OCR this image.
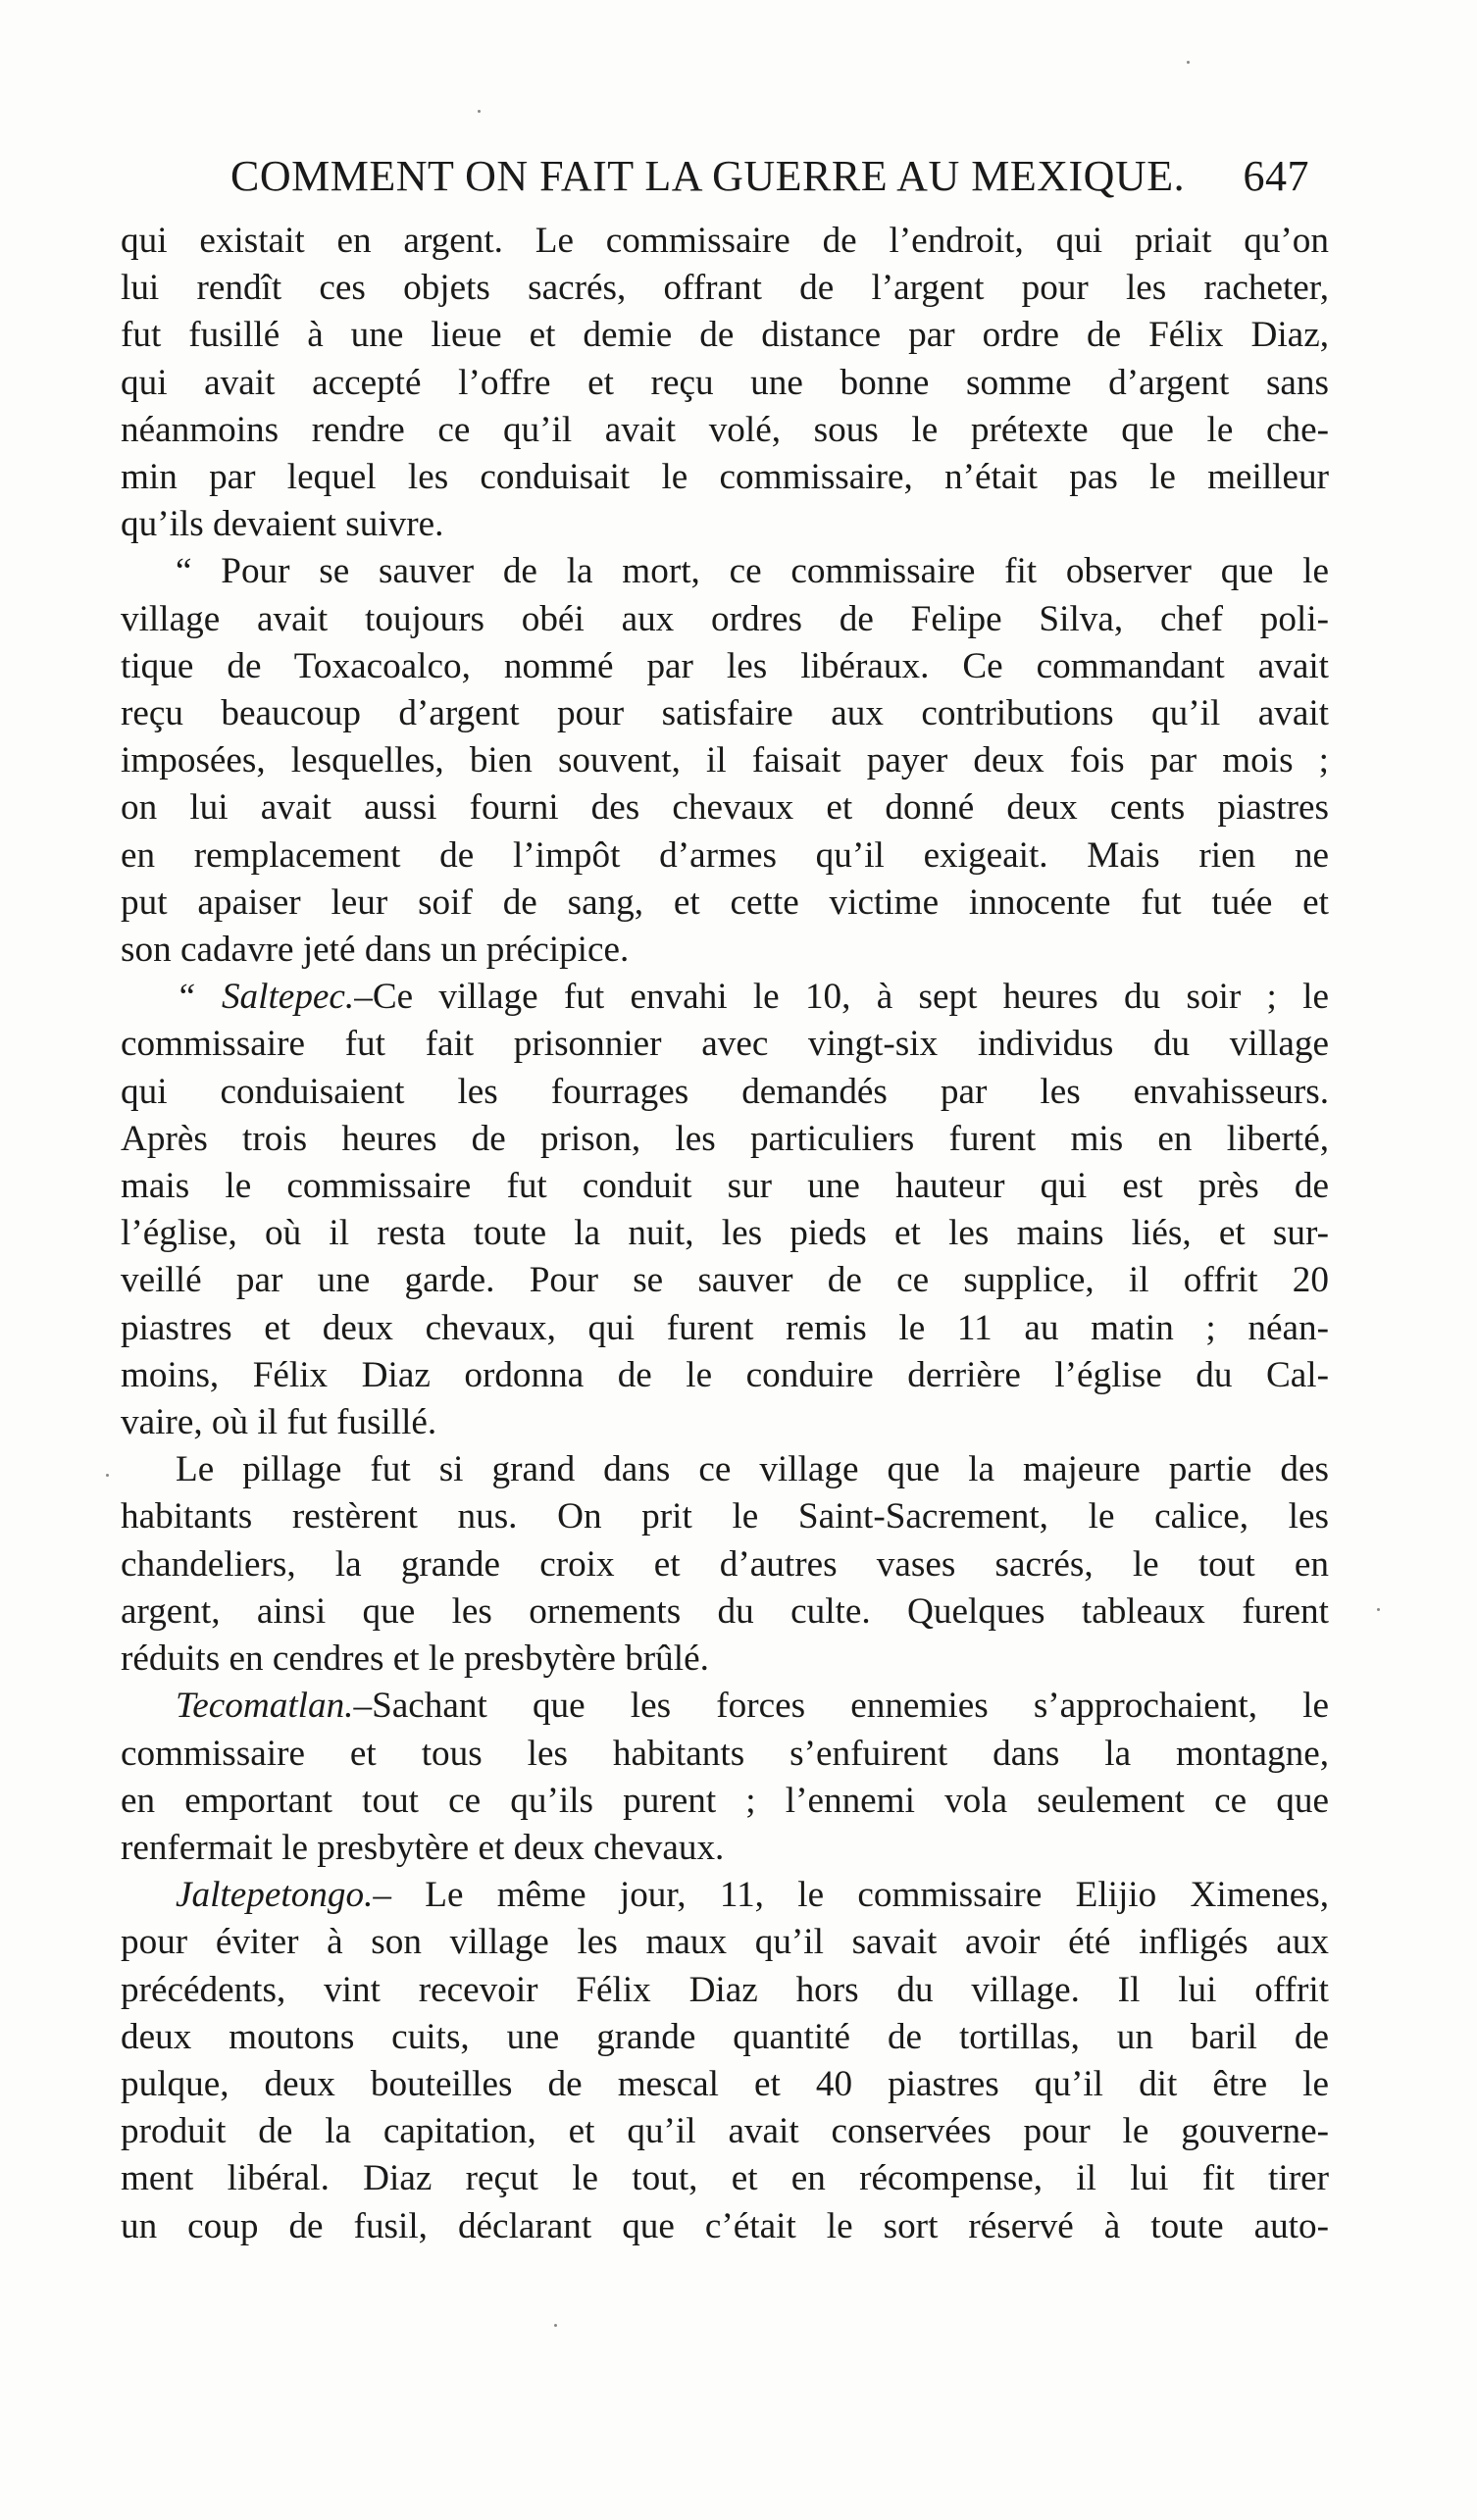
COMMENT ON FAIT LA GUERRE AU MEXIQUE. 647
qui existait en argent. Le commissaire de l’endroit, qui priait qu’on
lui rendît ces objets sacrés, offrant de l’argent pour les racheter,
fut fusillé à une lieue et demie de distance par ordre de Félix Diaz,
qui avait accepté l’offre et reçu une bonne somme d’argent sans
néanmoins rendre ce qu’il avait volé, sous le prétexte que le che-
min par lequel les conduisait le commissaire, n’était pas le meilleur
qu’ils devaient suivre.
“ Pour se sauver de la mort, ce commissaire fit observer que le
village avait toujours obéi aux ordres de Felipe Silva, chef poli-
tique de Toxacoalco, nommé par les libéraux. Ce commandant avait
reçu beaucoup d’argent pour satisfaire aux contributions qu’il avait
imposées, lesquelles, bien souvent, il faisait payer deux fois par mois ;
on lui avait aussi fourni des chevaux et donné deux cents piastres
en remplacement de l’impôt d’armes qu’il exigeait. Mais rien ne
put apaiser leur soif de sang, et cette victime innocente fut tuée et
son cadavre jeté dans un précipice.
“ Saltepec.–Ce village fut envahi le 10, à sept heures du soir ; le
commissaire fut fait prisonnier avec vingt-six individus du village
qui conduisaient les fourrages demandés par les envahisseurs.
Après trois heures de prison, les particuliers furent mis en liberté,
mais le commissaire fut conduit sur une hauteur qui est près de
l’église, où il resta toute la nuit, les pieds et les mains liés, et sur-
veillé par une garde. Pour se sauver de ce supplice, il offrit 20
piastres et deux chevaux, qui furent remis le 11 au matin ; néan-
moins, Félix Diaz ordonna de le conduire derrière l’église du Cal-
vaire, où il fut fusillé.
Le pillage fut si grand dans ce village que la majeure partie des
habitants restèrent nus. On prit le Saint-Sacrement, le calice, les
chandeliers, la grande croix et d’autres vases sacrés, le tout en
argent, ainsi que les ornements du culte. Quelques tableaux furent
réduits en cendres et le presbytère brûlé.
Tecomatlan.–Sachant que les forces ennemies s’approchaient, le
commissaire et tous les habitants s’enfuirent dans la montagne,
en emportant tout ce qu’ils purent ; l’ennemi vola seulement ce que
renfermait le presbytère et deux chevaux.
Jaltepetongo.– Le même jour, 11, le commissaire Elijio Ximenes,
pour éviter à son village les maux qu’il savait avoir été infligés aux
précédents, vint recevoir Félix Diaz hors du village. Il lui offrit
deux moutons cuits, une grande quantité de tortillas, un baril de
pulque, deux bouteilles de mescal et 40 piastres qu’il dit être le
produit de la capitation, et qu’il avait conservées pour le gouverne-
ment libéral. Diaz reçut le tout, et en récompense, il lui fit tirer
un coup de fusil, déclarant que c’était le sort réservé à toute auto-
